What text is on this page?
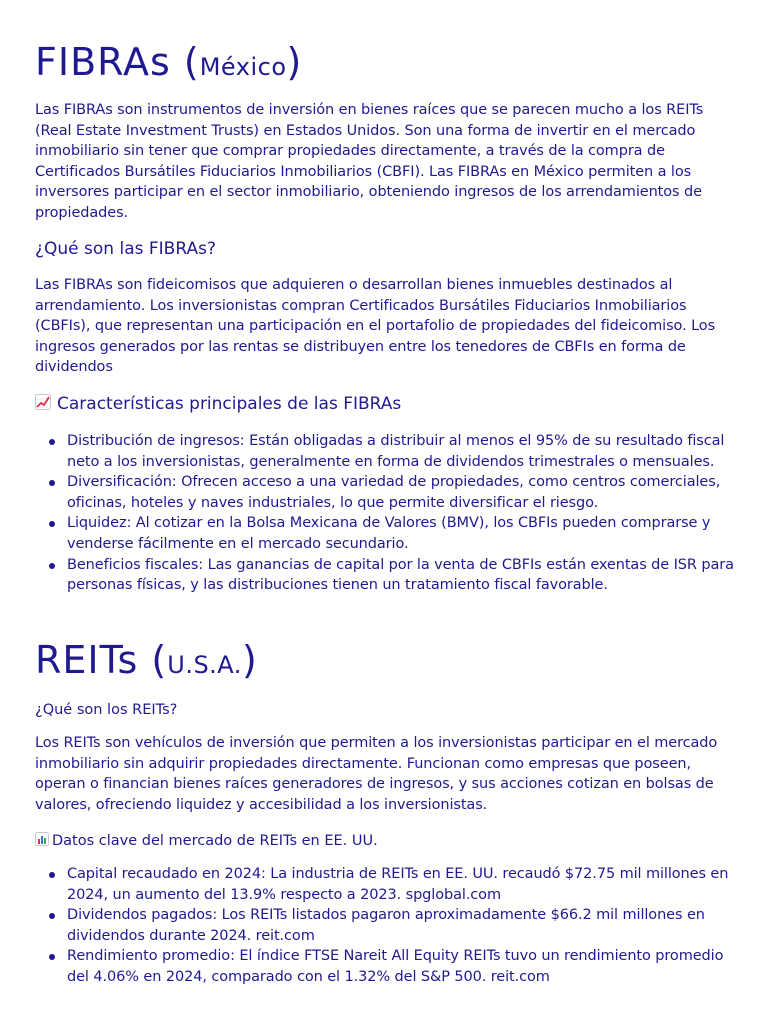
FIBRAs (México)

Las FIBRAs son instrumentos de inversión en bienes raíces que se parecen mucho a los REITs (Real Estate Investment Trusts) en Estados Unidos. Son una forma de invertir en el mercado inmobiliario sin tener que comprar propiedades directamente, a través de la compra de Certificados Bursátiles Fiduciarios Inmobiliarios (CBFI). Las FIBRAs en México permiten a los inversores participar en el sector inmobiliario, obteniendo ingresos de los arrendamientos de propiedades.

¿Qué son las FIBRAs?

Las FIBRAs son fideicomisos que adquieren o desarrollan bienes inmuebles destinados al arrendamiento. Los inversionistas compran Certificados Bursátiles Fiduciarios Inmobiliarios (CBFIs), que representan una participación en el portafolio de propiedades del fideicomiso. Los ingresos generados por las rentas se distribuyen entre los tenedores de CBFIs en forma de dividendos

Características principales de las FIBRAs
Distribución de ingresos: Están obligadas a distribuir al menos el 95% de su resultado fiscal neto a los inversionistas, generalmente en forma de dividendos trimestrales o mensuales.
Diversificación: Ofrecen acceso a una variedad de propiedades, como centros comerciales, oficinas, hoteles y naves industriales, lo que permite diversificar el riesgo.
Liquidez: Al cotizar en la Bolsa Mexicana de Valores (BMV), los CBFIs pueden comprarse y venderse fácilmente en el mercado secundario.
Beneficios fiscales: Las ganancias de capital por la venta de CBFIs están exentas de ISR para personas físicas, y las distribuciones tienen un tratamiento fiscal favorable.
REITs (U.S.A.)

¿Qué son los REITs?

Los REITs son vehículos de inversión que permiten a los inversionistas participar en el mercado inmobiliario sin adquirir propiedades directamente. Funcionan como empresas que poseen, operan o financian bienes raíces generadores de ingresos, y sus acciones cotizan en bolsas de valores, ofreciendo liquidez y accesibilidad a los inversionistas.

Datos clave del mercado de REITs en EE. UU.

Capital recaudado en 2024: La industria de REITs en EE. UU. recaudó $72.75 mil millones en 2024, un aumento del 13.9% respecto a 2023. spglobal.com
Dividendos pagados: Los REITs listados pagaron aproximadamente $66.2 mil millones en dividendos durante 2024. reit.com
Rendimiento promedio: El índice FTSE Nareit All Equity REITs tuvo un rendimiento promedio del 4.06% en 2024, comparado con el 1.32% del S&P 500. reit.com
